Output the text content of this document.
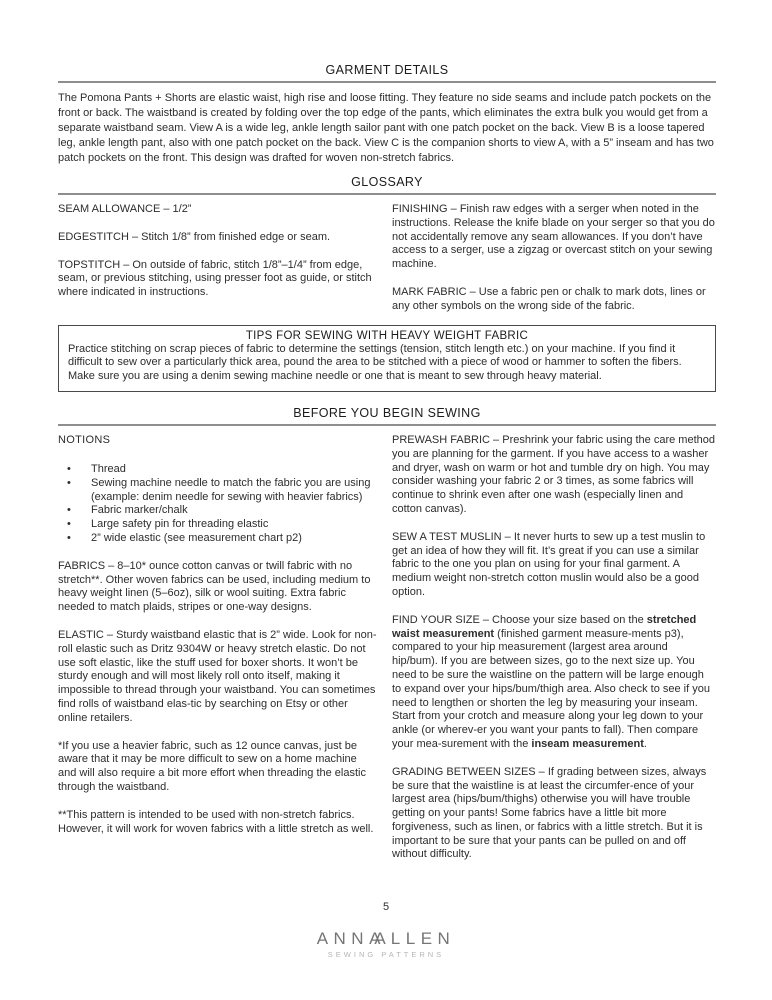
GARMENT DETAILS

The Pomona Pants + Shorts are elastic waist, high rise and loose fitting. They feature no side seams and include patch pockets on the front or back. The waistband is created by folding over the top edge of the pants, which eliminates the extra bulk you would get from a separate waistband seam. View A is a wide leg, ankle length sailor pant with one patch pocket on the back. View B is a loose tapered leg, ankle length pant, also with one patch pocket on the back. View C is the companion shorts to view A, with a 5” inseam and has two patch pockets on the front. This design was drafted for woven non-stretch fabrics.

GLOSSARY

SEAM ALLOWANCE – 1/2”

EDGESTITCH – Stitch 1/8” from finished edge or seam.

TOPSTITCH – On outside of fabric, stitch 1/8”–1/4” from edge, seam, or previous stitching, using presser foot as guide, or stitch where indicated in instructions.

FINISHING – Finish raw edges with a serger when noted in the instructions. Release the knife blade on your serger so that you do not accidentally remove any seam allowances. If you don’t have access to a serger, use a zigzag or overcast stitch on your sewing machine.

MARK FABRIC – Use a fabric pen or chalk to mark dots, lines or any other symbols on the wrong side of the fabric.

TIPS FOR SEWING WITH HEAVY WEIGHT FABRIC

Practice stitching on scrap pieces of fabric to determine the settings (tension, stitch length etc.) on your machine. If you find it difficult to sew over a particularly thick area, pound the area to be stitched with a piece of wood or hammer to soften the fibers. Make sure you are using a denim sewing machine needle or one that is meant to sew through heavy material.

BEFORE YOU BEGIN SEWING
NOTIONS
• Thread
• Sewing machine needle to match the fabric you are using (example: denim needle for sewing with heavier fabrics)
• Fabric marker/chalk
• Large safety pin for threading elastic
• 2” wide elastic (see measurement chart p2)

FABRICS – 8–10* ounce cotton canvas or twill fabric with no stretch**. Other woven fabrics can be used, including medium to heavy weight linen (5–6oz), silk or wool suiting. Extra fabric needed to match plaids, stripes or one-way designs.

ELASTIC – Sturdy waistband elastic that is 2” wide. Look for non-roll elastic such as Dritz 9304W or heavy stretch elastic. Do not use soft elastic, like the stuff used for boxer shorts. It won’t be sturdy enough and will most likely roll onto itself, making it impossible to thread through your waistband. You can sometimes find rolls of waistband elas-tic by searching on Etsy or other online retailers.

*If you use a heavier fabric, such as 12 ounce canvas, just be aware that it may be more difficult to sew on a home machine and will also require a bit more effort when threading the elastic through the waistband.

**This pattern is intended to be used with non-stretch fabrics. However, it will work for woven fabrics with a little stretch as well.

PREWASH FABRIC – Preshrink your fabric using the care method you are planning for the garment. If you have access to a washer and dryer, wash on warm or hot and tumble dry on high. You may consider washing your fabric 2 or 3 times, as some fabrics will continue to shrink even after one wash (especially linen and cotton canvas).

SEW A TEST MUSLIN – It never hurts to sew up a test muslin to get an idea of how they will fit. It’s great if you can use a similar fabric to the one you plan on using for your final garment. A medium weight non-stretch cotton muslin would also be a good option.

FIND YOUR SIZE – Choose your size based on the stretched waist measurement (finished garment measure-ments p3), compared to your hip measurement (largest area around hip/bum). If you are between sizes, go to the next size up. You need to be sure the waistline on the pattern will be large enough to expand over your hips/bum/thigh area. Also check to see if you need to lengthen or shorten the leg by measuring your inseam. Start from your crotch and measure along your leg down to your ankle (or wherev-er you want your pants to fall). Then compare your mea-surement with the inseam measurement.

GRADING BETWEEN SIZES – If grading between sizes, always be sure that the waistline is at least the circumfer-ence of your largest area (hips/bum/thighs) otherwise you will have trouble getting on your pants! Some fabrics have a little bit more forgiveness, such as linen, or fabrics with a little stretch. But it is important to be sure that your pants can be pulled on and off without difficulty.

5
ANNAA LLEN
SEWING PATTERNS
